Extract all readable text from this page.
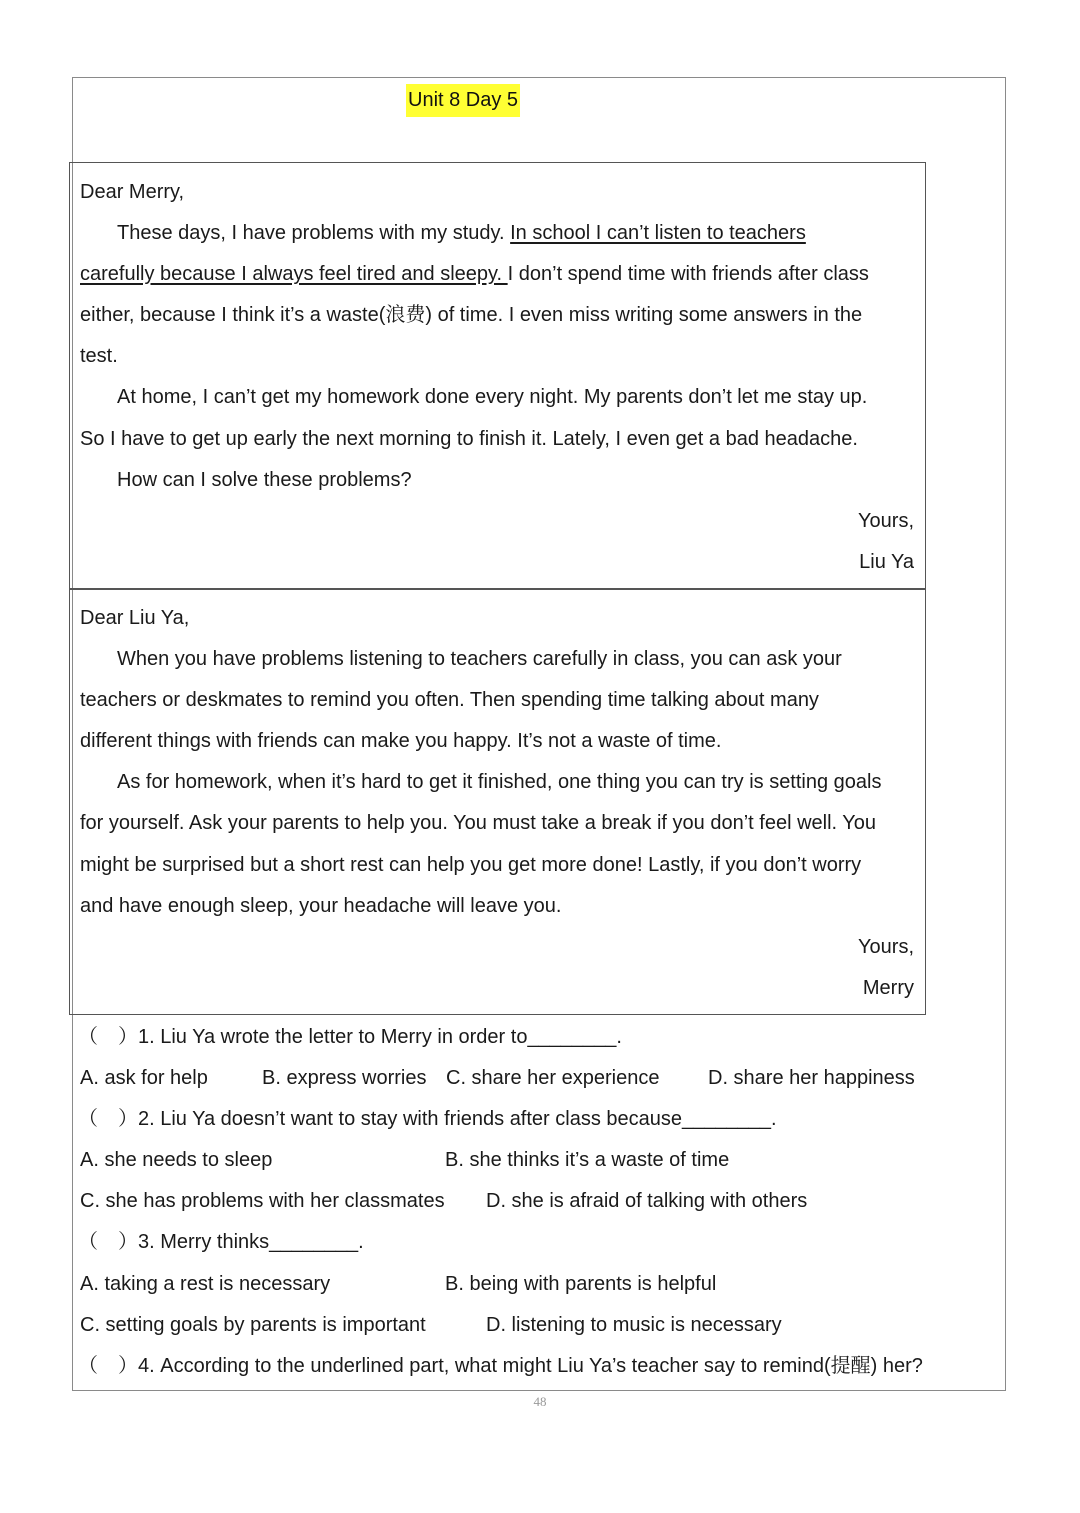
Unit 8 Day 5
Dear Merry,
These days, I have problems with my study. In school I can’t listen to teachers
carefully because I always feel tired and sleepy. I don’t spend time with friends after class
either, because I think it’s a waste(浪费) of time. I even miss writing some answers in the
test.
At home, I can’t get my homework done every night. My parents don’t let me stay up.
So I have to get up early the next morning to finish it. Lately, I even get a bad headache.
How can I solve these problems?
Yours,
Liu Ya
Dear Liu Ya,
When you have problems listening to teachers carefully in class, you can ask your
teachers or deskmates to remind you often. Then spending time talking about many
different things with friends can make you happy. It’s not a waste of time.
As for homework, when it’s hard to get it finished, one thing you can try is setting goals
for yourself. Ask your parents to help you. You must take a break if you don’t feel well. You
might be surprised but a short rest can help you get more done! Lastly, if you don’t worry
and have enough sleep, your headache will leave you.
Yours,
Merry
（　）1. Liu Ya wrote the letter to Merry in order to________.
A. ask for help	B. express worries C. share her experience D. share her happiness
（　）2. Liu Ya doesn’t want to stay with friends after class because________.
A. she needs to sleep	B. she thinks it’s a waste of time
C. she has problems with her classmates D. she is afraid of talking with others
（　）3. Merry thinks________.
A. taking a rest is necessary	B. being with parents is helpful
C. setting goals by parents is important	D. listening to music is necessary
（　）4. According to the underlined part, what might Liu Ya’s teacher say to remind(提醒) her?
48
